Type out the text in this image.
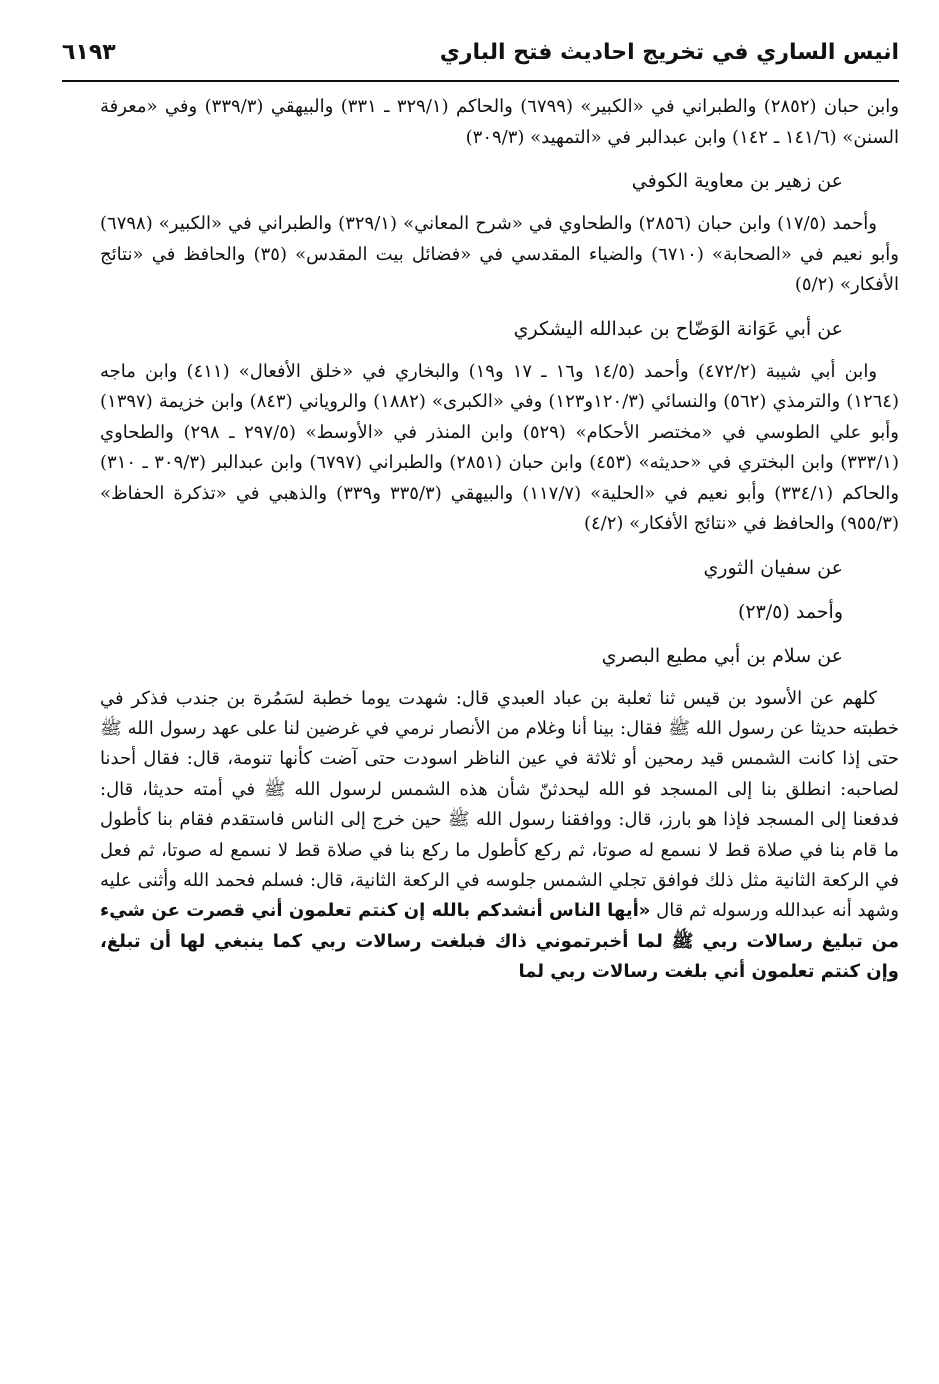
انيس الساري في تخريج احاديث فتح الباري
٦١٩٣
وابن حبان (٢٨٥٢) والطبراني في «الكبير» (٦٧٩٩) والحاكم (٣٢٩/١ ـ ٣٣١) والبيهقي (٣٣٩/٣) وفي «معرفة السنن» (١٤١/٦ ـ ١٤٢) وابن عبدالبر في «التمهيد» (٣٠٩/٣)
عن زهير بن معاوية الكوفي
وأحمد (١٧/٥) وابن حبان (٢٨٥٦) والطحاوي في «شرح المعاني» (٣٢٩/١) والطبراني في «الكبير» (٦٧٩٨) وأبو نعيم في «الصحابة» (٦٧١٠) والضياء المقدسي في «فضائل بيت المقدس» (٣٥) والحافظ في «نتائج الأفكار» (٥/٢)
عن أبي عَوَانة الوَضّاح بن عبدالله اليشكري
وابن أبي شيبة (٤٧٢/٢) وأحمد (١٤/٥ و١٦ ـ ١٧ و١٩) والبخاري في «خلق الأفعال» (٤١١) وابن ماجه (١٢٦٤) والترمذي (٥٦٢) والنسائي (١٢٠/٣و١٢٣) وفي «الكبرى» (١٨٨٢) والروياني (٨٤٣) وابن خزيمة (١٣٩٧) وأبو علي الطوسي في «مختصر الأحكام» (٥٢٩) وابن المنذر في «الأوسط» (٢٩٧/٥ ـ ٢٩٨) والطحاوي (٣٣٣/١) وابن البختري في «حديثه» (٤٥٣) وابن حبان (٢٨٥١) والطبراني (٦٧٩٧) وابن عبدالبر (٣٠٩/٣ ـ ٣١٠) والحاكم (٣٣٤/١) وأبو نعيم في «الحلية» (١١٧/٧) والبيهقي (٣٣٥/٣ و٣٣٩) والذهبي في «تذكرة الحفاظ» (٩٥٥/٣) والحافظ في «نتائج الأفكار» (٤/٢)
عن سفيان الثوري
وأحمد (٢٣/٥)
عن سلام بن أبي مطيع البصري
كلهم عن الأسود بن قيس ثنا ثعلبة بن عباد العبدي قال: شهدت يوما خطبة لسَمُرة بن جندب فذكر في خطبته حديثا عن رسول الله ﷺ فقال: بينا أنا وغلام من الأنصار نرمي في غرضين لنا على عهد رسول الله ﷺ حتى إذا كانت الشمس قيد رمحين أو ثلاثة في عين الناظر اسودت حتى آضت كأنها تنومة، قال: فقال أحدنا لصاحبه: انطلق بنا إلى المسجد فو الله ليحدثنّ شأن هذه الشمس لرسول الله ﷺ في أمته حديثا، قال: فدفعنا إلى المسجد فإذا هو بارز، قال: ووافقنا رسول الله ﷺ حين خرج إلى الناس فاستقدم فقام بنا كأطول ما قام بنا في صلاة قط لا نسمع له صوتا، ثم ركع كأطول ما ركع بنا في صلاة قط لا نسمع له صوتا، ثم فعل في الركعة الثانية مثل ذلك فوافق تجلي الشمس جلوسه في الركعة الثانية، قال: فسلم فحمد الله وأثنى عليه وشهد أنه عبدالله ورسوله ثم قال «أيها الناس أنشدكم بالله إن كنتم تعلمون أني قصرت عن شيء من تبليغ رسالات ربي ﷺ لما أخبرتموني ذاك فبلغت رسالات ربي كما ينبغي لها أن تبلغ، وإن كنتم تعلمون أني بلغت رسالات ربي لما
